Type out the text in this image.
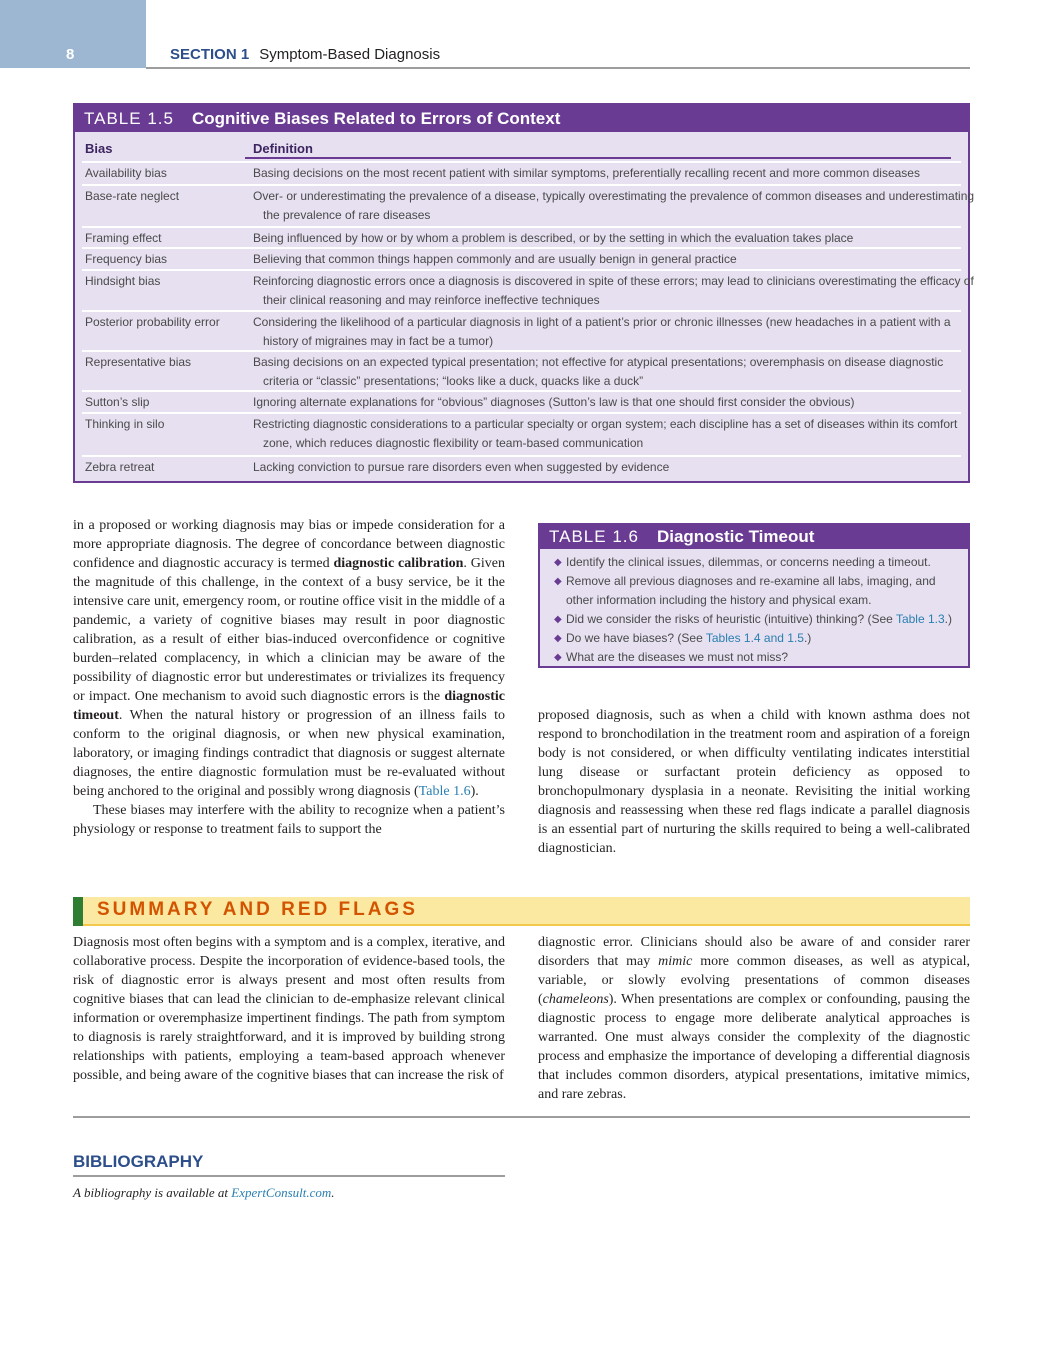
8	SECTION 1 Symptom-Based Diagnosis
TABLE 1.5 Cognitive Biases Related to Errors of Context
Bias	Definition
Availability bias	Basing decisions on the most recent patient with similar symptoms, preferentially recalling recent and more common diseases
Base-rate neglect	Over- or underestimating the prevalence of a disease, typically overestimating the prevalence of common diseases and underestimating the prevalence of rare diseases
Framing effect	Being influenced by how or by whom a problem is described, or by the setting in which the evaluation takes place
Frequency bias	Believing that common things happen commonly and are usually benign in general practice
Hindsight bias	Reinforcing diagnostic errors once a diagnosis is discovered in spite of these errors; may lead to clinicians overestimating the efficacy of their clinical reasoning and may reinforce ineffective techniques
Posterior probability error	Considering the likelihood of a particular diagnosis in light of a patient’s prior or chronic illnesses (new headaches in a patient with a history of migraines may in fact be a tumor)
Representative bias	Basing decisions on an expected typical presentation; not effective for atypical presentations; overemphasis on disease diagnostic criteria or “classic” presentations; “looks like a duck, quacks like a duck”
Sutton’s slip	Ignoring alternate explanations for “obvious” diagnoses (Sutton’s law is that one should first consider the obvious)
Thinking in silo	Restricting diagnostic considerations to a particular specialty or organ system; each discipline has a set of diseases within its comfort zone, which reduces diagnostic flexibility or team-based communication
Zebra retreat	Lacking conviction to pursue rare disorders even when suggested by evidence

in a proposed or working diagnosis may bias or impede consideration for a more appropriate diagnosis. The degree of concordance between diagnostic confidence and diagnostic accuracy is termed diagnostic calibration. Given the magnitude of this challenge, in the context of a busy service, be it the intensive care unit, emergency room, or routine office visit in the middle of a pandemic, a variety of cognitive biases may result in poor diagnostic calibration, as a result of either bias-induced overconfidence or cognitive burden–related complacency, in which a clinician may be aware of the possibility of diagnostic error but underestimates or trivializes its frequency or impact. One mechanism to avoid such diagnostic errors is the diagnostic timeout. When the natural history or progression of an illness fails to conform to the original diagnosis, or when new physical examination, laboratory, or imaging findings contradict that diagnosis or suggest alternate diagnoses, the entire diagnostic formulation must be re-evaluated without being anchored to the original and possibly wrong diagnosis (Table 1.6).

These biases may interfere with the ability to recognize when a patient’s physiology or response to treatment fails to support the

TABLE 1.6 Diagnostic Timeout
◆ Identify the clinical issues, dilemmas, or concerns needing a timeout.
◆ Remove all previous diagnoses and re-examine all labs, imaging, and other information including the history and physical exam.
◆ Did we consider the risks of heuristic (intuitive) thinking? (See Table 1.3.)
◆ Do we have biases? (See Tables 1.4 and 1.5.)
◆ What are the diseases we must not miss?

proposed diagnosis, such as when a child with known asthma does not respond to bronchodilation in the treatment room and aspiration of a foreign body is not considered, or when difficulty ventilating indicates interstitial lung disease or surfactant protein deficiency as opposed to bronchopulmonary dysplasia in a neonate. Revisiting the initial working diagnosis and reassessing when these red flags indicate a parallel diagnosis is an essential part of nurturing the skills required to being a well-calibrated diagnostician.

SUMMARY AND RED FLAGS

Diagnosis most often begins with a symptom and is a complex, iterative, and collaborative process. Despite the incorporation of evidence-based tools, the risk of diagnostic error is always present and most often results from cognitive biases that can lead the clinician to de-emphasize relevant clinical information or overemphasize impertinent findings. The path from symptom to diagnosis is rarely straightforward, and it is improved by building strong relationships with patients, employing a team-based approach whenever possible, and being aware of the cognitive biases that can increase the risk of

diagnostic error. Clinicians should also be aware of and consider rarer disorders that may mimic more common diseases, as well as atypical, variable, or slowly evolving presentations of common diseases (chameleons). When presentations are complex or confounding, pausing the diagnostic process to engage more deliberate analytical approaches is warranted. One must always consider the complexity of the diagnostic process and emphasize the importance of developing a differential diagnosis that includes common disorders, atypical presentations, imitative mimics, and rare zebras.

BIBLIOGRAPHY
A bibliography is available at ExpertConsult.com.
